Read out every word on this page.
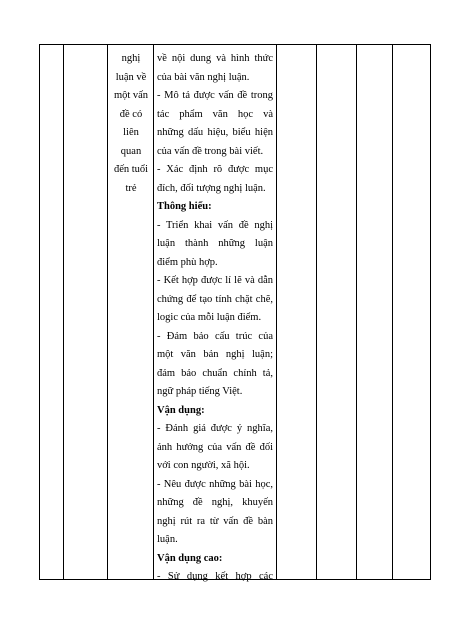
nghị
luận về
một vấn
đề có
liên
quan
đến tuổi
trẻ
về nội dung và hình thức
của bài văn nghị luận.
- Mô tả được vấn đề trong
tác phẩm văn học và
những dấu hiệu, biểu hiện
của vấn đề trong bài viết.
- Xác định rõ được mục
đích, đối tượng nghị luận.
Thông hiểu:
- Triển khai vấn đề nghị
luận thành những luận
điểm phù hợp.
- Kết hợp được lí lẽ và dẫn
chứng để tạo tính chặt chẽ,
logic của mỗi luận điểm.
- Đảm bảo cấu trúc của
một văn bản nghị luận;
đảm bảo chuẩn chính tả,
ngữ pháp tiếng Việt.
Vận dụng:
- Đánh giá được ý nghĩa,
ảnh hưởng của vấn đề đối
với con người, xã hội.
- Nêu được những bài học,
những đề nghị, khuyến
nghị rút ra từ vấn đề bàn
luận.
Vận dụng cao:
- Sử dụng kết hợp các
